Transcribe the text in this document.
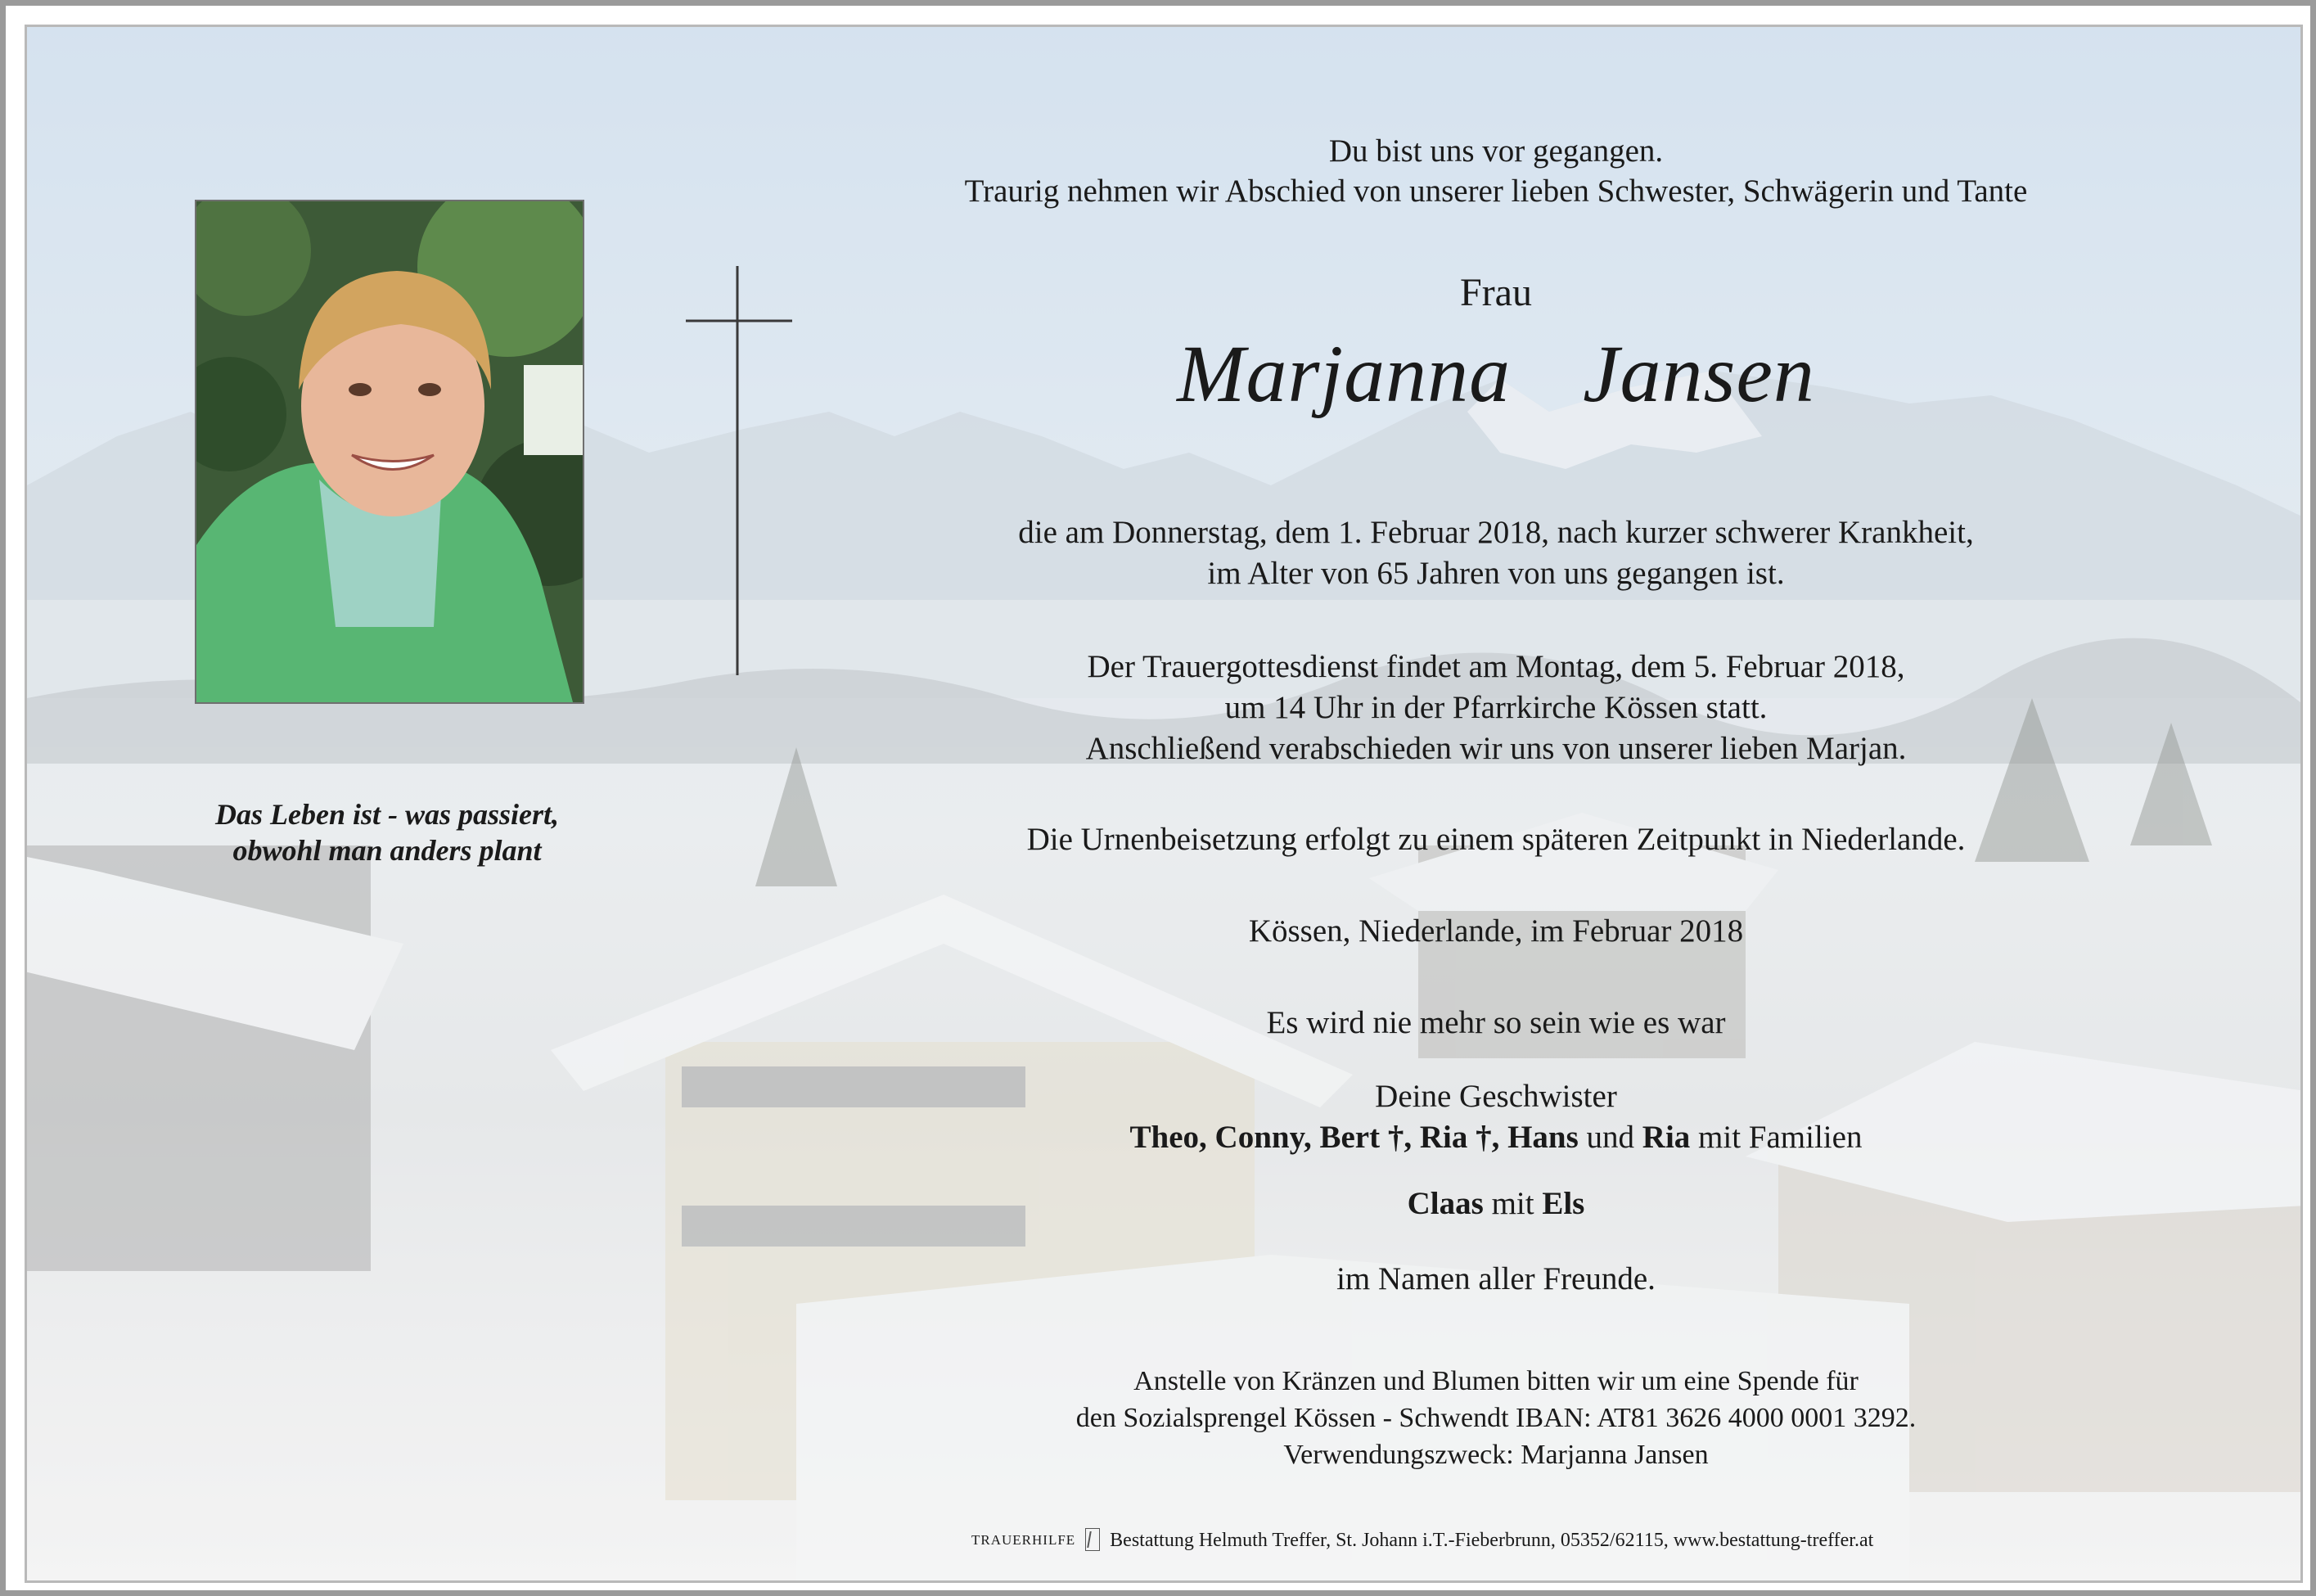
Das Leben ist - was passiert,
obwohl man anders plant

Du bist uns vor gegangen.

Traurig nehmen wir Abschied von unserer lieben Schwester, Schwägerin und Tante

Frau

Marjanna  Jansen

die am Donnerstag, dem 1. Februar 2018, nach kurzer schwerer Krankheit,

im Alter von 65 Jahren von uns gegangen ist.

Der Trauergottesdienst findet am Montag, dem 5. Februar 2018,

um 14 Uhr in der Pfarrkirche Kössen statt.

Anschließend verabschieden wir uns von unserer lieben Marjan.

Die Urnenbeisetzung erfolgt zu einem späteren Zeitpunkt in Niederlande.

Kössen, Niederlande, im Februar 2018

Es wird nie mehr so sein wie es war

Deine Geschwister

Theo, Conny, Bert †, Ria †, Hans und Ria mit Familien

Claas mit Els

im Namen aller Freunde.

Anstelle von Kränzen und Blumen bitten wir um eine Spende für

den Sozialsprengel Kössen - Schwendt IBAN: AT81 3626 4000 0001 3292.

Verwendungszweck: Marjanna Jansen

TRAUERHILFE Bestattung Helmuth Treffer, St. Johann i.T.-Fieberbrunn, 05352/62115, www.bestattung-treffer.at
